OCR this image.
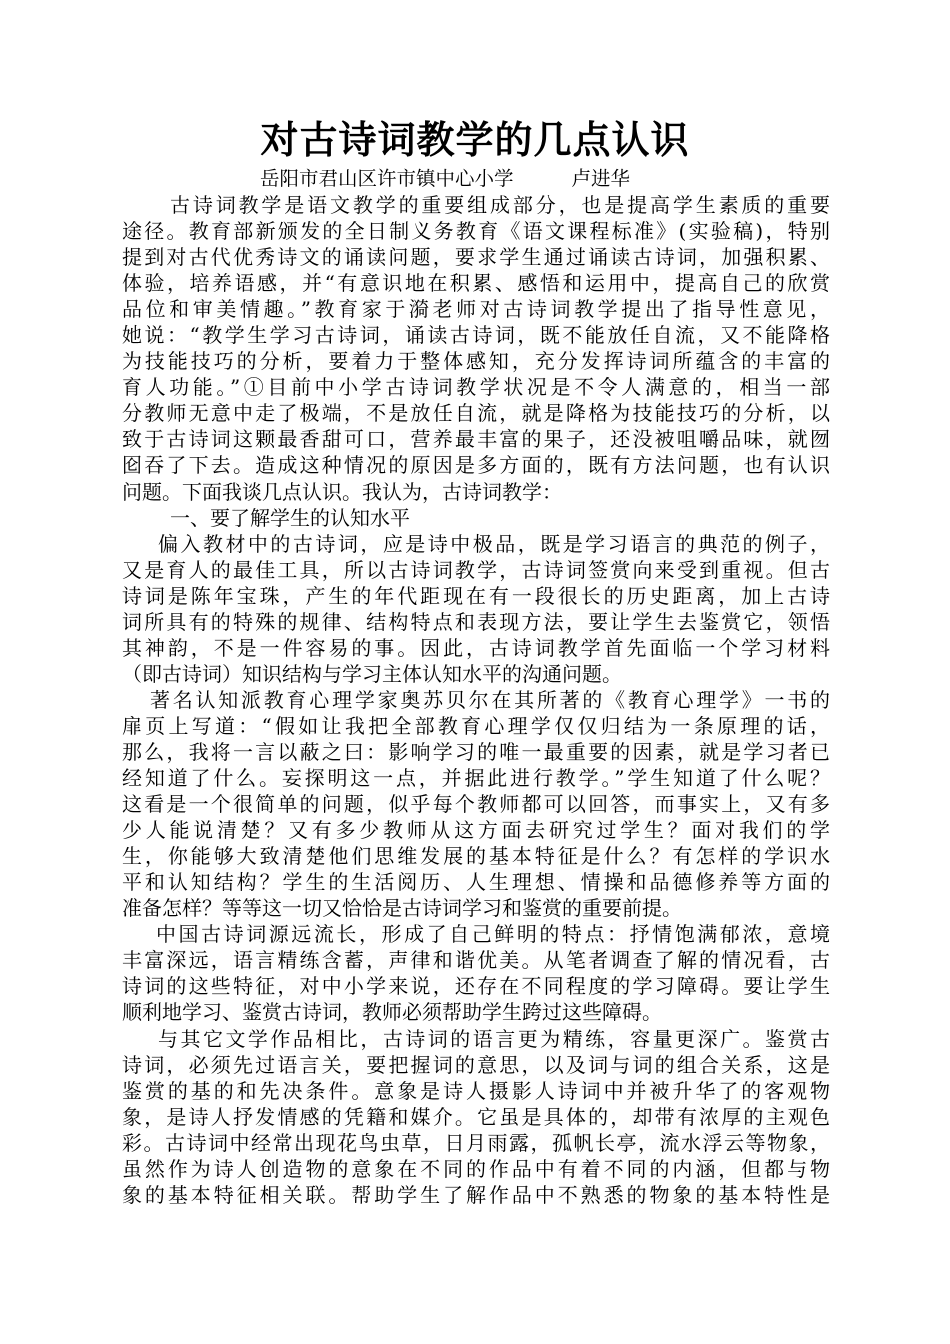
对古诗词教学的几点认识
岳阳市君山区许市镇中心小学	卢进华
古诗词教学是语文教学的重要组成部分，也是提高学生素质的重要
途径。教育部新颁发的全日制义务教育《语文课程标准》(实验稿)，特别
提到对古代优秀诗文的诵读问题，要求学生通过诵读古诗词，加强积累、
体验，培养语感，并“有意识地在积累、感悟和运用中，提高自己的欣赏
品位和审美情趣。”教育家于漪老师对古诗词教学提出了指导性意见，
她说：“教学生学习古诗词，诵读古诗词，既不能放任自流，又不能降格
为技能技巧的分析，要着力于整体感知，充分发挥诗词所蕴含的丰富的
育人功能。”①目前中小学古诗词教学状况是不令人满意的，相当一部
分教师无意中走了极端，不是放任自流，就是降格为技能技巧的分析，以
致于古诗词这颗最香甜可口，营养最丰富的果子，还没被咀嚼品味，就囫
囵吞了下去。造成这种情况的原因是多方面的，既有方法问题，也有认识
问题。下面我谈几点认识。我认为，古诗词教学：
一、要了解学生的认知水平
偏入教材中的古诗词，应是诗中极品，既是学习语言的典范的例子，
又是育人的最佳工具，所以古诗词教学，古诗词签赏向来受到重视。但古
诗词是陈年宝珠，产生的年代距现在有一段很长的历史距离，加上古诗
词所具有的特殊的规律、结构特点和表现方法，要让学生去鉴赏它，领悟
其神韵，不是一件容易的事。因此，古诗词教学首先面临一个学习材料
（即古诗词）知识结构与学习主体认知水平的沟通问题。
著名认知派教育心理学家奥苏贝尔在其所著的《教育心理学》一书的
扉页上写道：“假如让我把全部教育心理学仅仅归结为一条原理的话，
那么，我将一言以蔽之曰：影响学习的唯一最重要的因素，就是学习者已
经知道了什么。妄探明这一点，并据此进行教学。”学生知道了什么呢？
这看是一个很简单的问题，似乎每个教师都可以回答，而事实上，又有多
少人能说清楚？又有多少教师从这方面去研究过学生？面对我们的学
生，你能够大致清楚他们思维发展的基本特征是什么？有怎样的学识水
平和认知结构？学生的生活阅历、人生理想、情操和品德修养等方面的
准备怎样？等等这一切又恰恰是古诗词学习和鉴赏的重要前提。
中国古诗词源远流长，形成了自己鲜明的特点：抒情饱满郁浓，意境
丰富深远，语言精练含蓄，声律和谐优美。从笔者调查了解的情况看，古
诗词的这些特征，对中小学来说，还存在不同程度的学习障碍。要让学生
顺利地学习、鉴赏古诗词，教师必须帮助学生跨过这些障碍。
与其它文学作品相比，古诗词的语言更为精练，容量更深广。鉴赏古
诗词，必须先过语言关，要把握词的意思，以及词与词的组合关系，这是
鉴赏的基的和先决条件。意象是诗人摄影人诗词中并被升华了的客观物
象，是诗人抒发情感的凭籍和媒介。它虽是具体的，却带有浓厚的主观色
彩。古诗词中经常出现花鸟虫草，日月雨露，孤帆长亭，流水浮云等物象，
虽然作为诗人创造物的意象在不同的作品中有着不同的内涵，但都与物
象的基本特征相关联。帮助学生了解作品中不熟悉的物象的基本特性是
